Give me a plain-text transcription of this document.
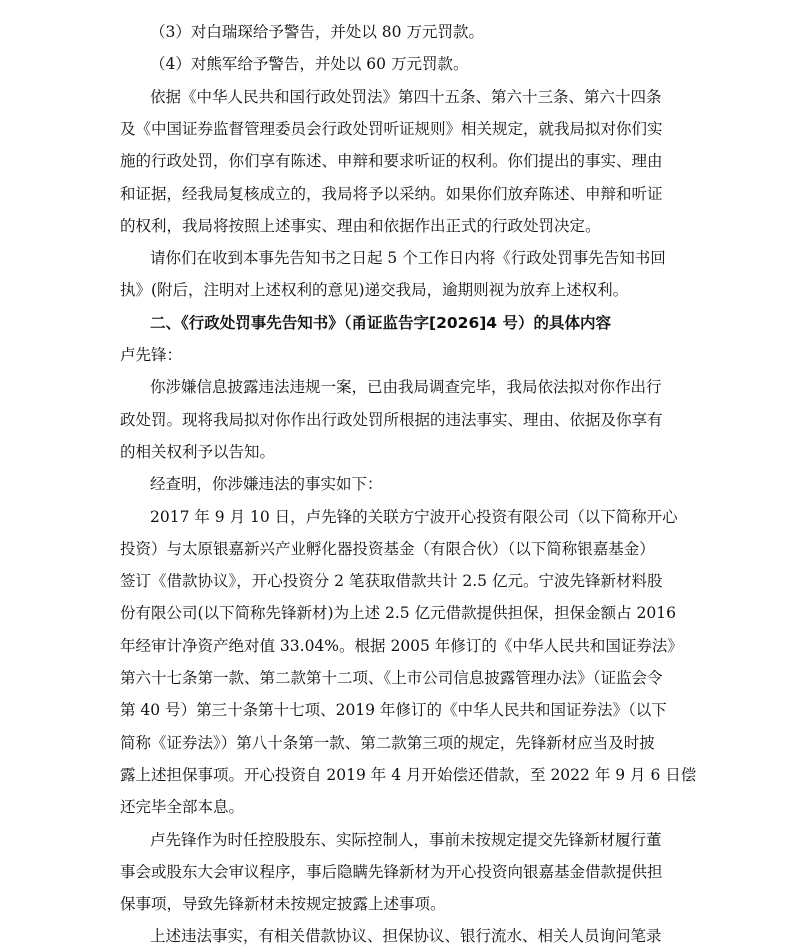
（3）对白瑞琛给予警告，并处以 80 万元罚款。
（4）对熊军给予警告，并处以 60 万元罚款。
依据《中华人民共和国行政处罚法》第四十五条、第六十三条、第六十四条
及《中国证券监督管理委员会行政处罚听证规则》相关规定，就我局拟对你们实
施的行政处罚，你们享有陈述、申辩和要求听证的权利。你们提出的事实、理由
和证据，经我局复核成立的，我局将予以采纳。如果你们放弃陈述、申辩和听证
的权利，我局将按照上述事实、理由和依据作出正式的行政处罚决定。
请你们在收到本事先告知书之日起 5 个工作日内将《行政处罚事先告知书回
执》(附后，注明对上述权利的意见)递交我局，逾期则视为放弃上述权利。
二、《行政处罚事先告知书》（甬证监告字[2026]4 号）的具体内容
卢先锋：
你涉嫌信息披露违法违规一案，已由我局调查完毕，我局依法拟对你作出行
政处罚。现将我局拟对你作出行政处罚所根据的违法事实、理由、依据及你享有
的相关权利予以告知。
经查明，你涉嫌违法的事实如下：
2017 年 9 月 10 日，卢先锋的关联方宁波开心投资有限公司（以下简称开心
投资）与太原银嘉新兴产业孵化器投资基金（有限合伙）（以下简称银嘉基金）
签订《借款协议》，开心投资分 2 笔获取借款共计 2.5 亿元。宁波先锋新材料股
份有限公司(以下简称先锋新材)为上述 2.5 亿元借款提供担保，担保金额占 2016
年经审计净资产绝对值 33.04%。根据 2005 年修订的《中华人民共和国证券法》
第六十七条第一款、第二款第十二项、《上市公司信息披露管理办法》（证监会令
第 40 号）第三十条第十七项、2019 年修订的《中华人民共和国证券法》（以下
简称《证券法》）第八十条第一款、第二款第三项的规定，先锋新材应当及时披
露上述担保事项。开心投资自 2019 年 4 月开始偿还借款，至 2022 年 9 月 6 日偿
还完毕全部本息。
卢先锋作为时任控股股东、实际控制人，事前未按规定提交先锋新材履行董
事会或股东大会审议程序，事后隐瞒先锋新材为开心投资向银嘉基金借款提供担
保事项，导致先锋新材未按规定披露上述事项。
上述违法事实，有相关借款协议、担保协议、银行流水、相关人员询问笔录
